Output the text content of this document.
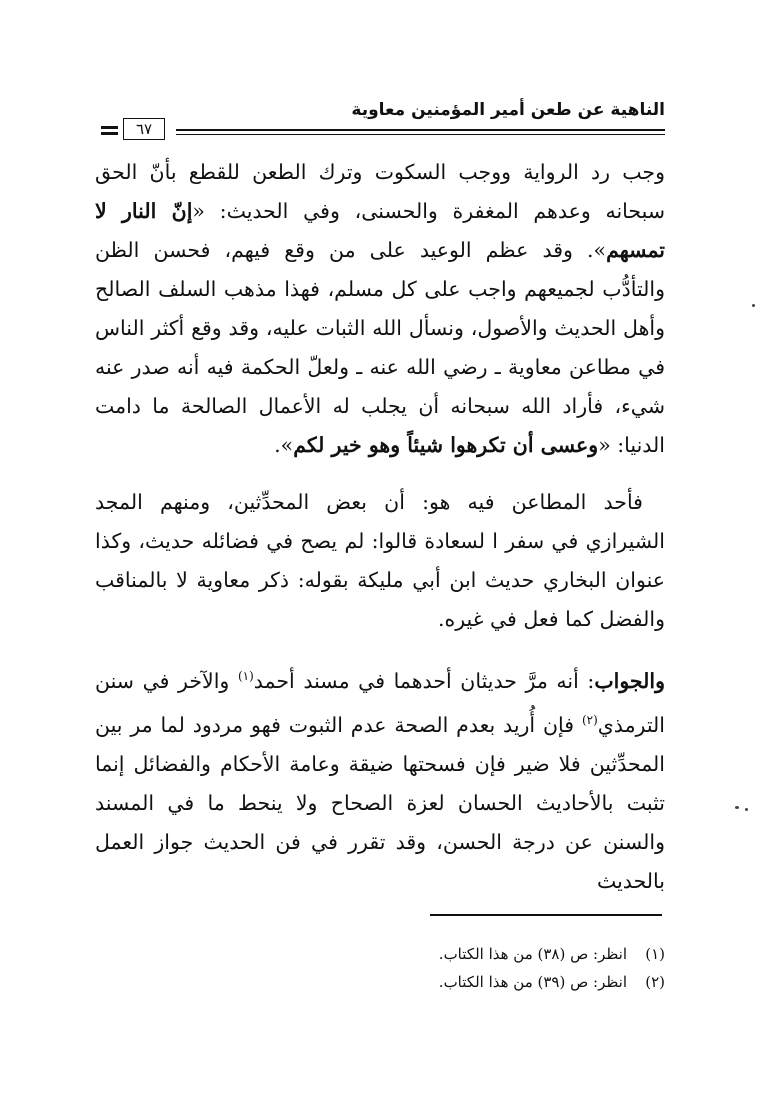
الناهية عن طعن أمير المؤمنين معاوية
٦٧

وجب رد الرواية ووجب السكوت وترك الطعن للقطع بأنّ الحق سبحانه وعدهم المغفرة والحسنى، وفي الحديث: «إنّ النار لا تمسهم». وقد عظم الوعيد على من وقع فيهم، فحسن الظن والتأدُّب لجميعهم واجب على كل مسلم، فهذا مذهب السلف الصالح وأهل الحديث والأصول، ونسأل الله الثبات عليه، وقد وقع أكثر الناس في مطاعن معاوية ـ رضي الله عنه ـ ولعلّ الحكمة فيه أنه صدر عنه شيء، فأراد الله سبحانه أن يجلب له الأعمال الصالحة ما دامت الدنيا: «وعسى أن تكرهوا شيئاً وهو خير لكم».

فأحد المطاعن فيه هو: أن بعض المحدِّثين، ومنهم المجد الشيرازي في سفر ا لسعادة قالوا: لم يصح في فضائله حديث، وكذا عنوان البخاري حديث ابن أبي مليكة بقوله: ذكر معاوية لا بالمناقب والفضل كما فعل في غيره.

والجواب: أنه مرَّ حديثان أحدهما في مسند أحمد$^{(١)}$ والآخر في سنن الترمذي$^{(٢)}$ فإن أُريد بعدم الصحة عدم الثبوت فهو مردود لما مر بين المحدِّثين فلا ضير فإن فسحتها ضيقة وعامة الأحكام والفضائل إنما تثبت بالأحاديث الحسان لعزة الصحاح ولا ينحط ما في المسند والسنن عن درجة الحسن، وقد تقرر في فن الحديث جواز العمل بالحديث

(١)انظر: ص (٣٨) من هذا الكتاب.

(٢)انظر: ص (٣٩) من هذا الكتاب.
